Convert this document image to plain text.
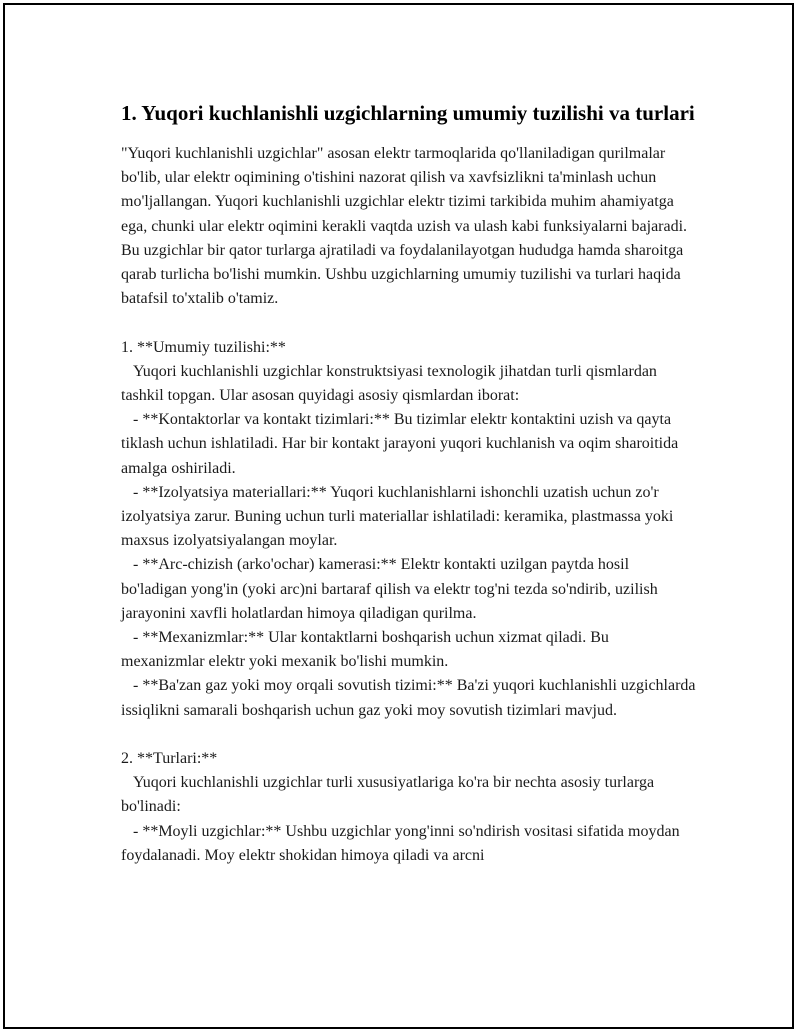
1. Yuqori kuchlanishli uzgichlarning umumiy tuzilishi va turlari

"Yuqori kuchlanishli uzgichlar" asosan elektr tarmoqlarida qo'llaniladigan qurilmalar bo'lib, ular elektr oqimining o'tishini nazorat qilish va xavfsizlikni ta'minlash uchun mo'ljallangan. Yuqori kuchlanishli uzgichlar elektr tizimi tarkibida muhim ahamiyatga ega, chunki ular elektr oqimini kerakli vaqtda uzish va ulash kabi funksiyalarni bajaradi. Bu uzgichlar bir qator turlarga ajratiladi va foydalanilayotgan hududga hamda sharoitga qarab turlicha bo'lishi mumkin. Ushbu uzgichlarning umumiy tuzilishi va turlari haqida batafsil to'xtalib o'tamiz.

1. **Umumiy tuzilishi:**
Yuqori kuchlanishli uzgichlar konstruktsiyasi texnologik jihatdan turli qismlardan tashkil topgan. Ular asosan quyidagi asosiy qismlardan iborat:
- **Kontaktorlar va kontakt tizimlari:** Bu tizimlar elektr kontaktini uzish va qayta tiklash uchun ishlatiladi. Har bir kontakt jarayoni yuqori kuchlanish va oqim sharoitida amalga oshiriladi.
- **Izolyatsiya materiallari:** Yuqori kuchlanishlarni ishonchli uzatish uchun zo'r izolyatsiya zarur. Buning uchun turli materiallar ishlatiladi: keramika, plastmassa yoki maxsus izolyatsiyalangan moylar.
- **Arc-chizish (arko'ochar) kamerasi:** Elektr kontakti uzilgan paytda hosil bo'ladigan yong'in (yoki arc)ni bartaraf qilish va elektr tog'ni tezda so'ndirib, uzilish jarayonini xavfli holatlardan himoya qiladigan qurilma.
- **Mexanizmlar:** Ular kontaktlarni boshqarish uchun xizmat qiladi. Bu mexanizmlar elektr yoki mexanik bo'lishi mumkin.
- **Ba'zan gaz yoki moy orqali sovutish tizimi:** Ba'zi yuqori kuchlanishli uzgichlarda issiqlikni samarali boshqarish uchun gaz yoki moy sovutish tizimlari mavjud.

2. **Turlari:**
Yuqori kuchlanishli uzgichlar turli xususiyatlariga ko'ra bir nechta asosiy turlarga bo'linadi:
- **Moyli uzgichlar:** Ushbu uzgichlar yong'inni so'ndirish vositasi sifatida moydan foydalanadi. Moy elektr shokidan himoya qiladi va arcni
